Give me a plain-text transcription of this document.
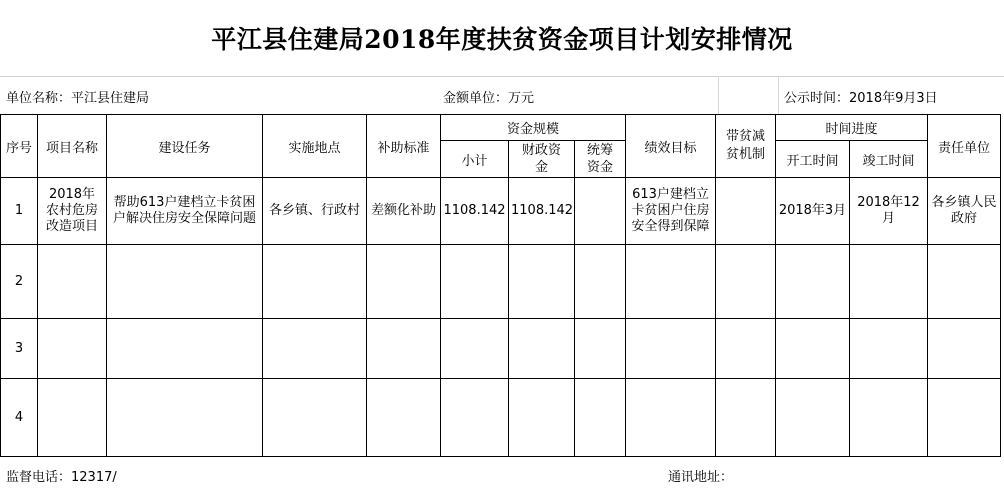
平江县住建局2018年度扶贫资金项目计划安排情况
单位名称：平江县住建局	金额单位：万元	公示时间：2018年9月3日
序号	项目名称	建设任务	实施地点	补助标准	资金规模			绩效目标	带贫减贫机制	时间进度		责任单位
					小计	财政资金	统筹资金			开工时间	竣工时间	
1	2018年农村危房改造项目	帮助613户建档立卡贫困户解决住房安全保障问题	各乡镇、行政村	差额化补助	1108.142	1108.142		613户建档立卡贫困户住房安全得到保障		2018年3月	2018年12月	各乡镇人民政府
2												
3												
4												
监督电话：12317/	通讯地址：
